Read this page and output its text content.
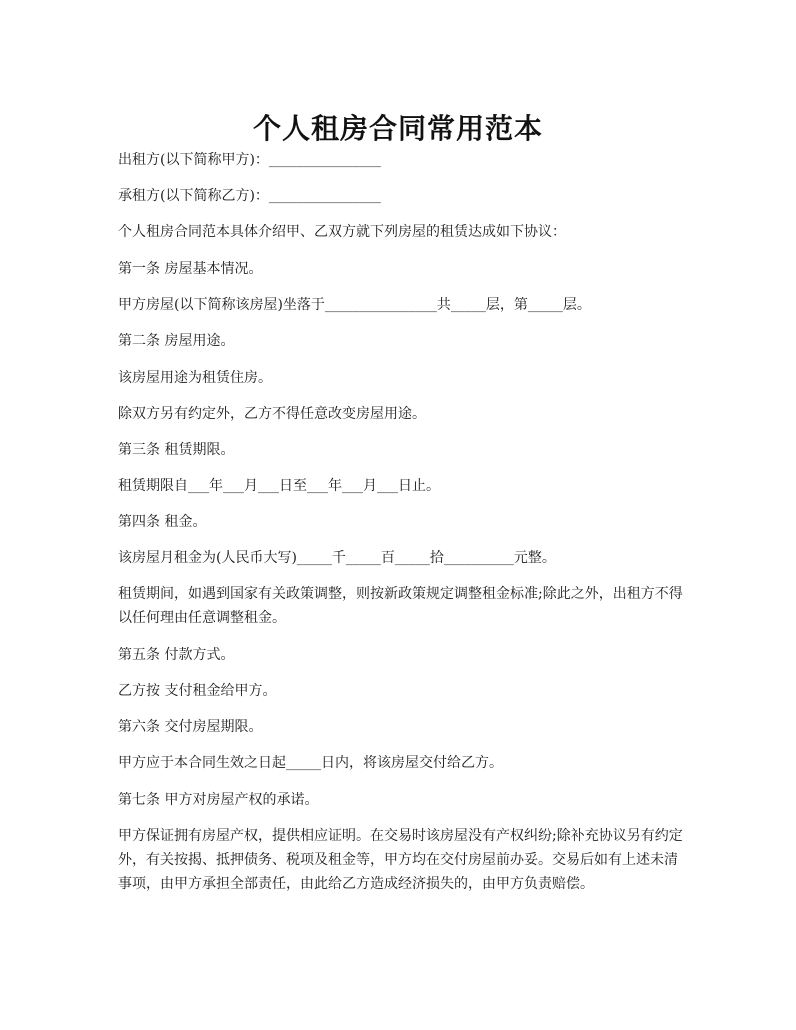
个人租房合同常用范本

出租方(以下简称甲方)：________________

承租方(以下简称乙方)：________________

个人租房合同范本具体介绍甲、乙双方就下列房屋的租赁达成如下协议：

第一条 房屋基本情况。

甲方房屋(以下简称该房屋)坐落于________________共_____层，第_____层。

第二条 房屋用途。

该房屋用途为租赁住房。

除双方另有约定外，乙方不得任意改变房屋用途。

第三条 租赁期限。

租赁期限自___年___月___日至___年___月___日止。

第四条 租金。

该房屋月租金为(人民币大写)_____千_____百_____拾__________元整。

租赁期间，如遇到国家有关政策调整，则按新政策规定调整租金标准;除此之外，出租方不得以任何理由任意调整租金。

第五条 付款方式。

乙方按 支付租金给甲方。

第六条 交付房屋期限。

甲方应于本合同生效之日起_____日内，将该房屋交付给乙方。

第七条 甲方对房屋产权的承诺。

甲方保证拥有房屋产权，提供相应证明。在交易时该房屋没有产权纠纷;除补充协议另有约定外，有关按揭、抵押债务、税项及租金等，甲方均在交付房屋前办妥。交易后如有上述未清事项，由甲方承担全部责任，由此给乙方造成经济损失的，由甲方负责赔偿。
